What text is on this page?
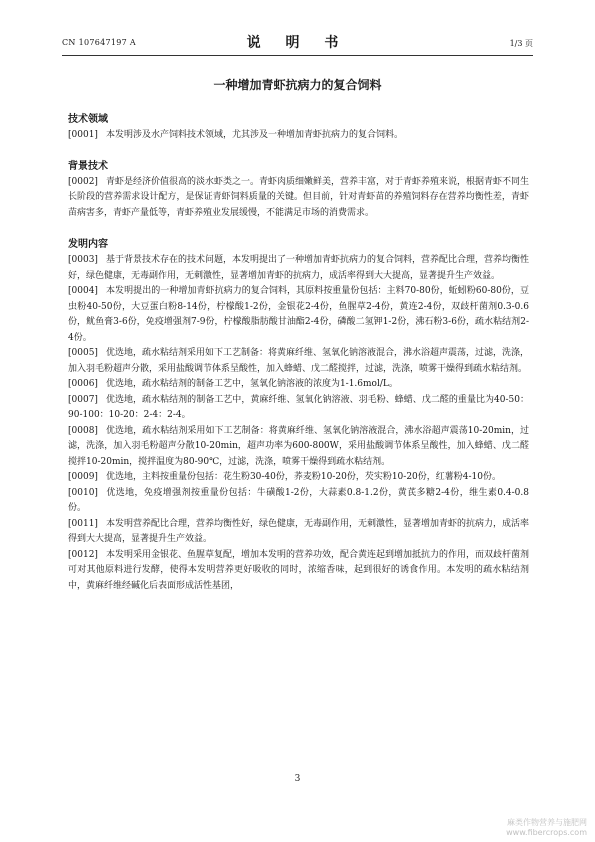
CN 107647197 A	说 明 书	1/3 页
一种增加青虾抗病力的复合饲料
技术领域

[0001] 本发明涉及水产饲料技术领域，尤其涉及一种增加青虾抗病力的复合饲料。

背景技术

[0002] 青虾是经济价值很高的淡水虾类之一。青虾肉质细嫩鲜美，营养丰富，对于青虾养殖来说，根据青虾不同生长阶段的营养需求设计配方，是保证青虾饲料质量的关键。但目前，针对青虾苗的养殖饲料存在营养均衡性差，青虾苗病害多，青虾产量低等，青虾养殖业发展缓慢，不能满足市场的消费需求。

发明内容

[0003] 基于背景技术存在的技术问题，本发明提出了一种增加青虾抗病力的复合饲料，营养配比合理，营养均衡性好，绿色健康，无毒副作用，无刺激性，显著增加青虾的抗病力，成活率得到大大提高，显著提升生产效益。

[0004] 本发明提出的一种增加青虾抗病力的复合饲料，其原料按重量份包括：主料70-80份，蚯蚓粉60-80份，豆虫粉40-50份，大豆蛋白粉8-14份，柠檬酸1-2份，金银花2-4份，鱼腥草2-4份，黄连2-4份，双歧杆菌剂0.3-0.6份，鱿鱼膏3-6份，免疫增强剂7-9份，柠檬酸脂肪酸甘油酯2-4份，磷酸二氢钾1-2份，沸石粉3-6份，疏水粘结剂2-4份。

[0005] 优选地，疏水粘结剂采用如下工艺制备：将黄麻纤维、氢氧化钠溶液混合，沸水浴超声震荡，过滤，洗涤，加入羽毛粉超声分散，采用盐酸调节体系呈酸性，加入蜂蜡、戊二醛搅拌，过滤，洗涤，喷雾干燥得到疏水粘结剂。

[0006] 优选地，疏水粘结剂的制备工艺中，氢氧化钠溶液的浓度为1-1.6mol/L。

[0007] 优选地，疏水粘结剂的制备工艺中，黄麻纤维、氢氧化钠溶液、羽毛粉、蜂蜡、戊二醛的重量比为40-50：90-100：10-20：2-4：2-4。

[0008] 优选地，疏水粘结剂采用如下工艺制备：将黄麻纤维、氢氧化钠溶液混合，沸水浴超声震荡10-20min，过滤，洗涤，加入羽毛粉超声分散10-20min，超声功率为600-800W，采用盐酸调节体系呈酸性，加入蜂蜡、戊二醛搅拌10-20min，搅拌温度为80-90℃，过滤，洗涤，喷雾干燥得到疏水粘结剂。

[0009] 优选地，主料按重量份包括：花生粉30-40份，荞麦粉10-20份，芡实粉10-20份，红薯粉4-10份。

[0010] 优选地，免疫增强剂按重量份包括：牛磺酸1-2份，大蒜素0.8-1.2份，黄芪多糖2-4份，维生素0.4-0.8份。

[0011] 本发明营养配比合理，营养均衡性好，绿色健康，无毒副作用，无刺激性，显著增加青虾的抗病力，成活率得到大大提高，显著提升生产效益。

[0012] 本发明采用金银花、鱼腥草复配，增加本发明的营养功效，配合黄连起到增加抵抗力的作用，而双歧杆菌剂可对其他原料进行发酵，使得本发明营养更好吸收的同时，浓缩香味，起到很好的诱食作用。本发明的疏水粘结剂中，黄麻纤维经碱化后表面形成活性基团，

3
麻类作物营养与施肥网
www.fibercrops.com
